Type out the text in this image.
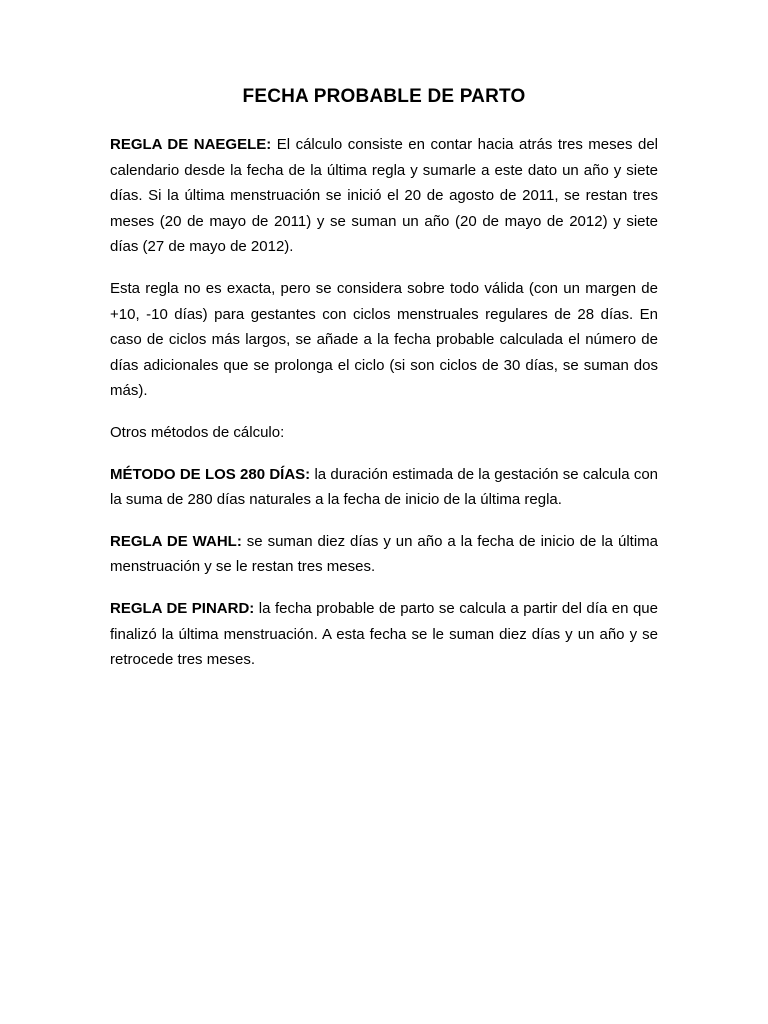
FECHA PROBABLE DE PARTO

REGLA DE NAEGELE: El cálculo consiste en contar hacia atrás tres meses del calendario desde la fecha de la última regla y sumarle a este dato un año y siete días. Si la última menstruación se inició el 20 de agosto de 2011, se restan tres meses (20 de mayo de 2011) y se suman un año (20 de mayo de 2012) y siete días (27 de mayo de 2012).

Esta regla no es exacta, pero se considera sobre todo válida (con un margen de +10, -10 días) para gestantes con ciclos menstruales regulares de 28 días. En caso de ciclos más largos, se añade a la fecha probable calculada el número de días adicionales que se prolonga el ciclo (si son ciclos de 30 días, se suman dos más).

Otros métodos de cálculo:

MÉTODO DE LOS 280 DÍAS: la duración estimada de la gestación se calcula con la suma de 280 días naturales a la fecha de inicio de la última regla.

REGLA DE WAHL: se suman diez días y un año a la fecha de inicio de la última menstruación y se le restan tres meses.

REGLA DE PINARD: la fecha probable de parto se calcula a partir del día en que finalizó la última menstruación. A esta fecha se le suman diez días y un año y se retrocede tres meses.
